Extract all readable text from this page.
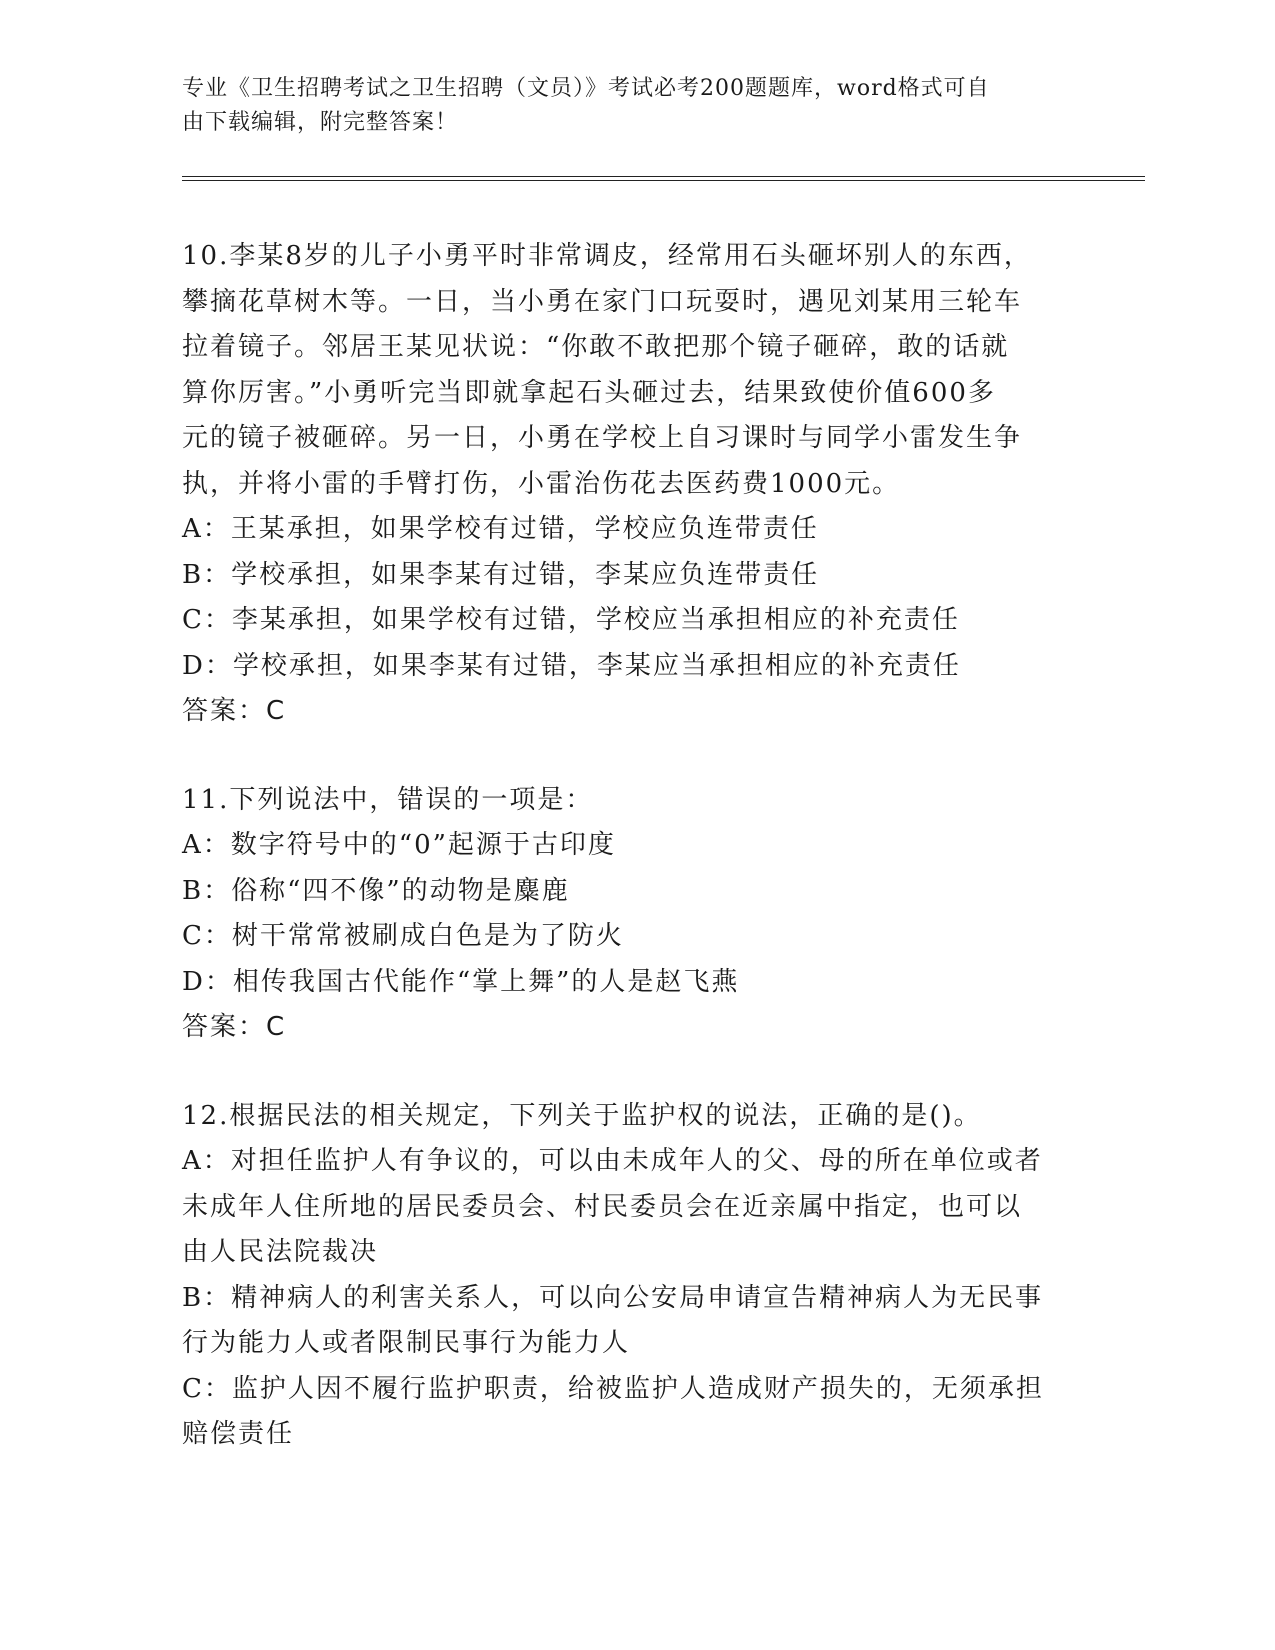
专业《卫生招聘考试之卫生招聘（文员）》考试必考200题题库，word格式可自
由下载编辑，附完整答案！
10.李某8岁的儿子小勇平时非常调皮，经常用石头砸坏别人的东西，
攀摘花草树木等。一日，当小勇在家门口玩耍时，遇见刘某用三轮车
拉着镜子。邻居王某见状说：“你敢不敢把那个镜子砸碎，敢的话就
算你厉害。”小勇听完当即就拿起石头砸过去，结果致使价值600多
元的镜子被砸碎。另一日，小勇在学校上自习课时与同学小雷发生争
执，并将小雷的手臂打伤，小雷治伤花去医药费1000元。
A：王某承担，如果学校有过错，学校应负连带责任
B：学校承担，如果李某有过错，李某应负连带责任
C：李某承担，如果学校有过错，学校应当承担相应的补充责任
D：学校承担，如果李某有过错，李某应当承担相应的补充责任
答案：C
11.下列说法中，错误的一项是：
A：数字符号中的“0”起源于古印度
B：俗称“四不像”的动物是麋鹿
C：树干常常被刷成白色是为了防火
D：相传我国古代能作“掌上舞”的人是赵飞燕
答案：C
12.根据民法的相关规定，下列关于监护权的说法，正确的是()。
A：对担任监护人有争议的，可以由未成年人的父、母的所在单位或者
未成年人住所地的居民委员会、村民委员会在近亲属中指定，也可以
由人民法院裁决
B：精神病人的利害关系人，可以向公安局申请宣告精神病人为无民事
行为能力人或者限制民事行为能力人
C：监护人因不履行监护职责，给被监护人造成财产损失的，无须承担
赔偿责任
